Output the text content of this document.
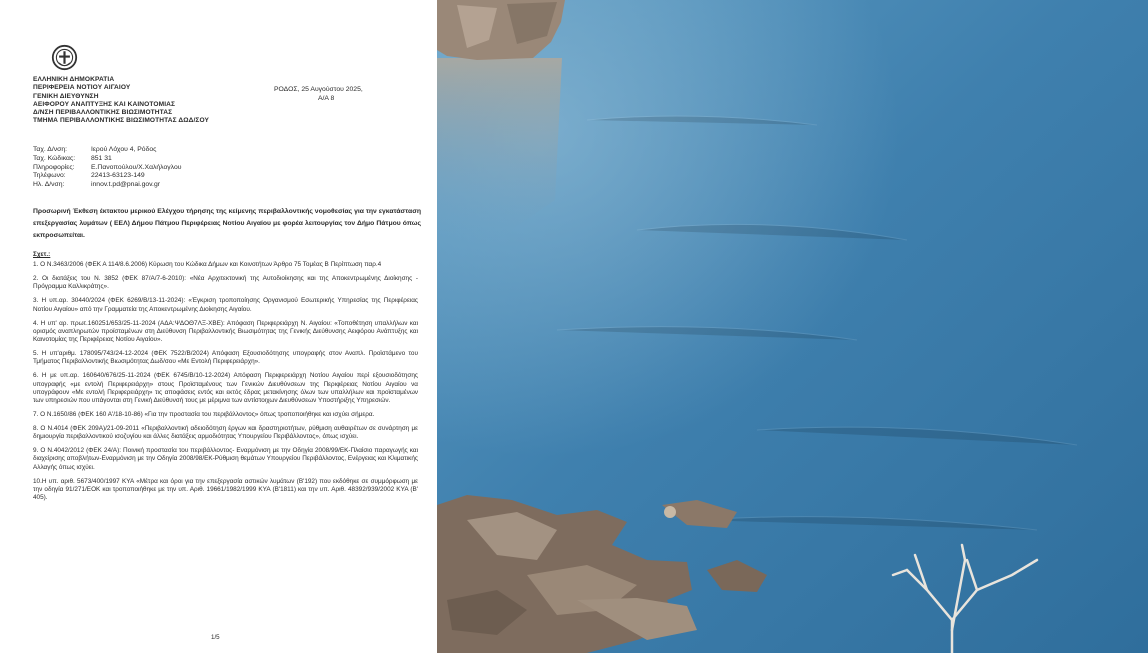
ΕΛΛΗΝΙΚΗ ΔΗΜΟΚΡΑΤΙΑ
ΠΕΡΙΦΕΡΕΙΑ ΝΟΤΙΟΥ ΑΙΓΑΙΟΥ
ΓΕΝΙΚΗ ΔΙΕΥΘΥΝΣΗ
ΑΕΙΦΟΡΟΥ ΑΝΑΠΤΥΞΗΣ ΚΑΙ ΚΑΙΝΟΤΟΜΙΑΣ
Δ/ΝΣΗ ΠΕΡΙΒΑΛΛΟΝΤΙΚΗΣ ΒΙΩΣΙΜΟΤΗΤΑΣ
ΤΜΗΜΑ ΠΕΡΙΒΑΛΛΟΝΤΙΚΗΣ ΒΙΩΣΙΜΟΤΗΤΑΣ ΔΩΔ/ΣΟΥ
ΡΟΔΟΣ, 25 Αυγούστου 2025,
Α/Α 8
Ταχ. Δ/νση:	Ιερού Λόχου 4, Ρόδος
Ταχ. Κώδικας:	851 31
Πληροφορίες:	Ε.Πανοπούλου/Χ.Χαλήλογλου
Τηλέφωνο:	22413-63123-149
Ηλ. Δ/νση:	innov.t.pd@pnai.gov.gr
Προσωρινή Έκθεση έκτακτου μερικού Ελέγχου τήρησης της κείμενης περιβαλλοντικής νομοθεσίας για την εγκατάσταση επεξεργασίας λυμάτων ( ΕΕΛ) Δήμου Πάτμου Περιφέρειας Νοτίου Αιγαίου με φορέα λειτουργίας τον Δήμο Πάτμου όπως εκπροσωπείται.
Σχετ.:
1. Ο Ν.3463/2006 (ΦΕΚ Α 114/8.6.2006) Κύρωση του Κώδικα Δήμων και Κοινοτήτων Άρθρο 75 Τομέας Β Περίπτωση παρ.4
2. Οι διατάξεις του Ν. 3852 (ΦΕΚ 87/Α/7-6-2010): «Νέα Αρχιτεκτονική της Αυτοδιοίκησης και της Αποκεντρωμένης Διοίκησης - Πρόγραμμα Καλλικράτης».
3. Η υπ.αρ. 30440/2024 (ΦΕΚ 6269/Β/13-11-2024): «Έγκριση τροποποίησης Οργανισμού Εσωτερικής Υπηρεσίας της Περιφέρειας Νοτίου Αιγαίου» από την Γραμματεία της Αποκεντρωμένης Διοίκησης Αιγαίου.
4. Η υπ' αρ. πρωτ.160251/653/25-11-2024 (ΑΔΑ:ΨΔΟΘ7ΛΞ-ΧΒΕ): Απόφαση Περιφερειάρχη Ν. Αιγαίου: «Τοποθέτηση υπαλλήλων και ορισμός αναπληρωτών προϊσταμένων στη Διεύθυνση Περιβαλλοντικής Βιωσιμότητας της Γενικής Διεύθυνσης Αειφόρου Ανάπτυξης και Καινοτομίας της Περιφέρειας Νοτίου Αιγαίου».
5. Η υπ'αριθμ. 178095/743/24-12-2024 (ΦΕΚ 7522/Β/2024) Απόφαση Εξουσιοδότησης υπογραφής στον Αναπλ. Προϊστάμενο του Τμήματος Περιβαλλοντικής Βιωσιμότητας Δωδ/σου «Με Εντολή Περιφερειάρχη».
6. Η με υπ.αρ. 160640/676/25-11-2024 (ΦΕΚ 6745/Β/10-12-2024) Απόφαση Περιφερειάρχη Νοτίου Αιγαίου περί εξουσιοδότησης υπογραφής «με εντολή Περιφερειάρχη» στους Προϊσταμένους των Γενικών Διευθύνσεων της Περιφέρειας Νοτίου Αιγαίου να υπογράφουν «Με εντολή Περιφερειάρχη» τις αποφάσεις εντός και εκτός έδρας μετακίνησης όλων των υπαλλήλων και προϊσταμένων των υπηρεσιών που υπάγονται στη Γενική Διεύθυνσή τους με μέριμνα των αντίστοιχων Διευθύνσεων Υποστήριξης Υπηρεσιών.
7. Ο Ν.1650/86 (ΦΕΚ 160 Α'/18-10-86) «Για την προστασία του περιβάλλοντος» όπως τροποποιήθηκε και ισχύει σήμερα.
8. Ο Ν.4014 (ΦΕΚ 209Α)/21-09-2011 «Περιβαλλοντική αδειοδότηση έργων και δραστηριοτήτων, ρύθμιση αυθαιρέτων σε συνάρτηση με δημιουργία περιβαλλοντικού ισοζυγίου και άλλες διατάξεις αρμοδιότητας Υπουργείου Περιβάλλοντος», όπως ισχύει.
9. Ο Ν.4042/2012 (ΦΕΚ 24/Α): Ποινική προστασία του περιβάλλοντος- Εναρμόνιση με την Οδηγία 2008/99/ΕΚ-Πλαίσιο παραγωγής και διαχείρισης αποβλήτων-Εναρμόνιση με την Οδηγία 2008/98/ΕΚ-Ρύθμιση θεμάτων Υπουργείου Περιβάλλοντος, Ενέργειας και Κλιματικής Αλλαγής όπως ισχύει.
10.Η υπ. αριθ. 5673/400/1997 ΚΥΑ «Μέτρα και όροι για την επεξεργασία αστικών λυμάτων (Β'192) που εκδόθηκε σε συμμόρφωση με την οδηγία 91/271/ΕΟΚ και τροποποιήθηκε με την υπ. Αριθ. 19661/1982/1999 ΚΥΑ (Β'1811) και την υπ. Αριθ. 48392/939/2002 ΚΥΑ (Β' 405).
1/5
